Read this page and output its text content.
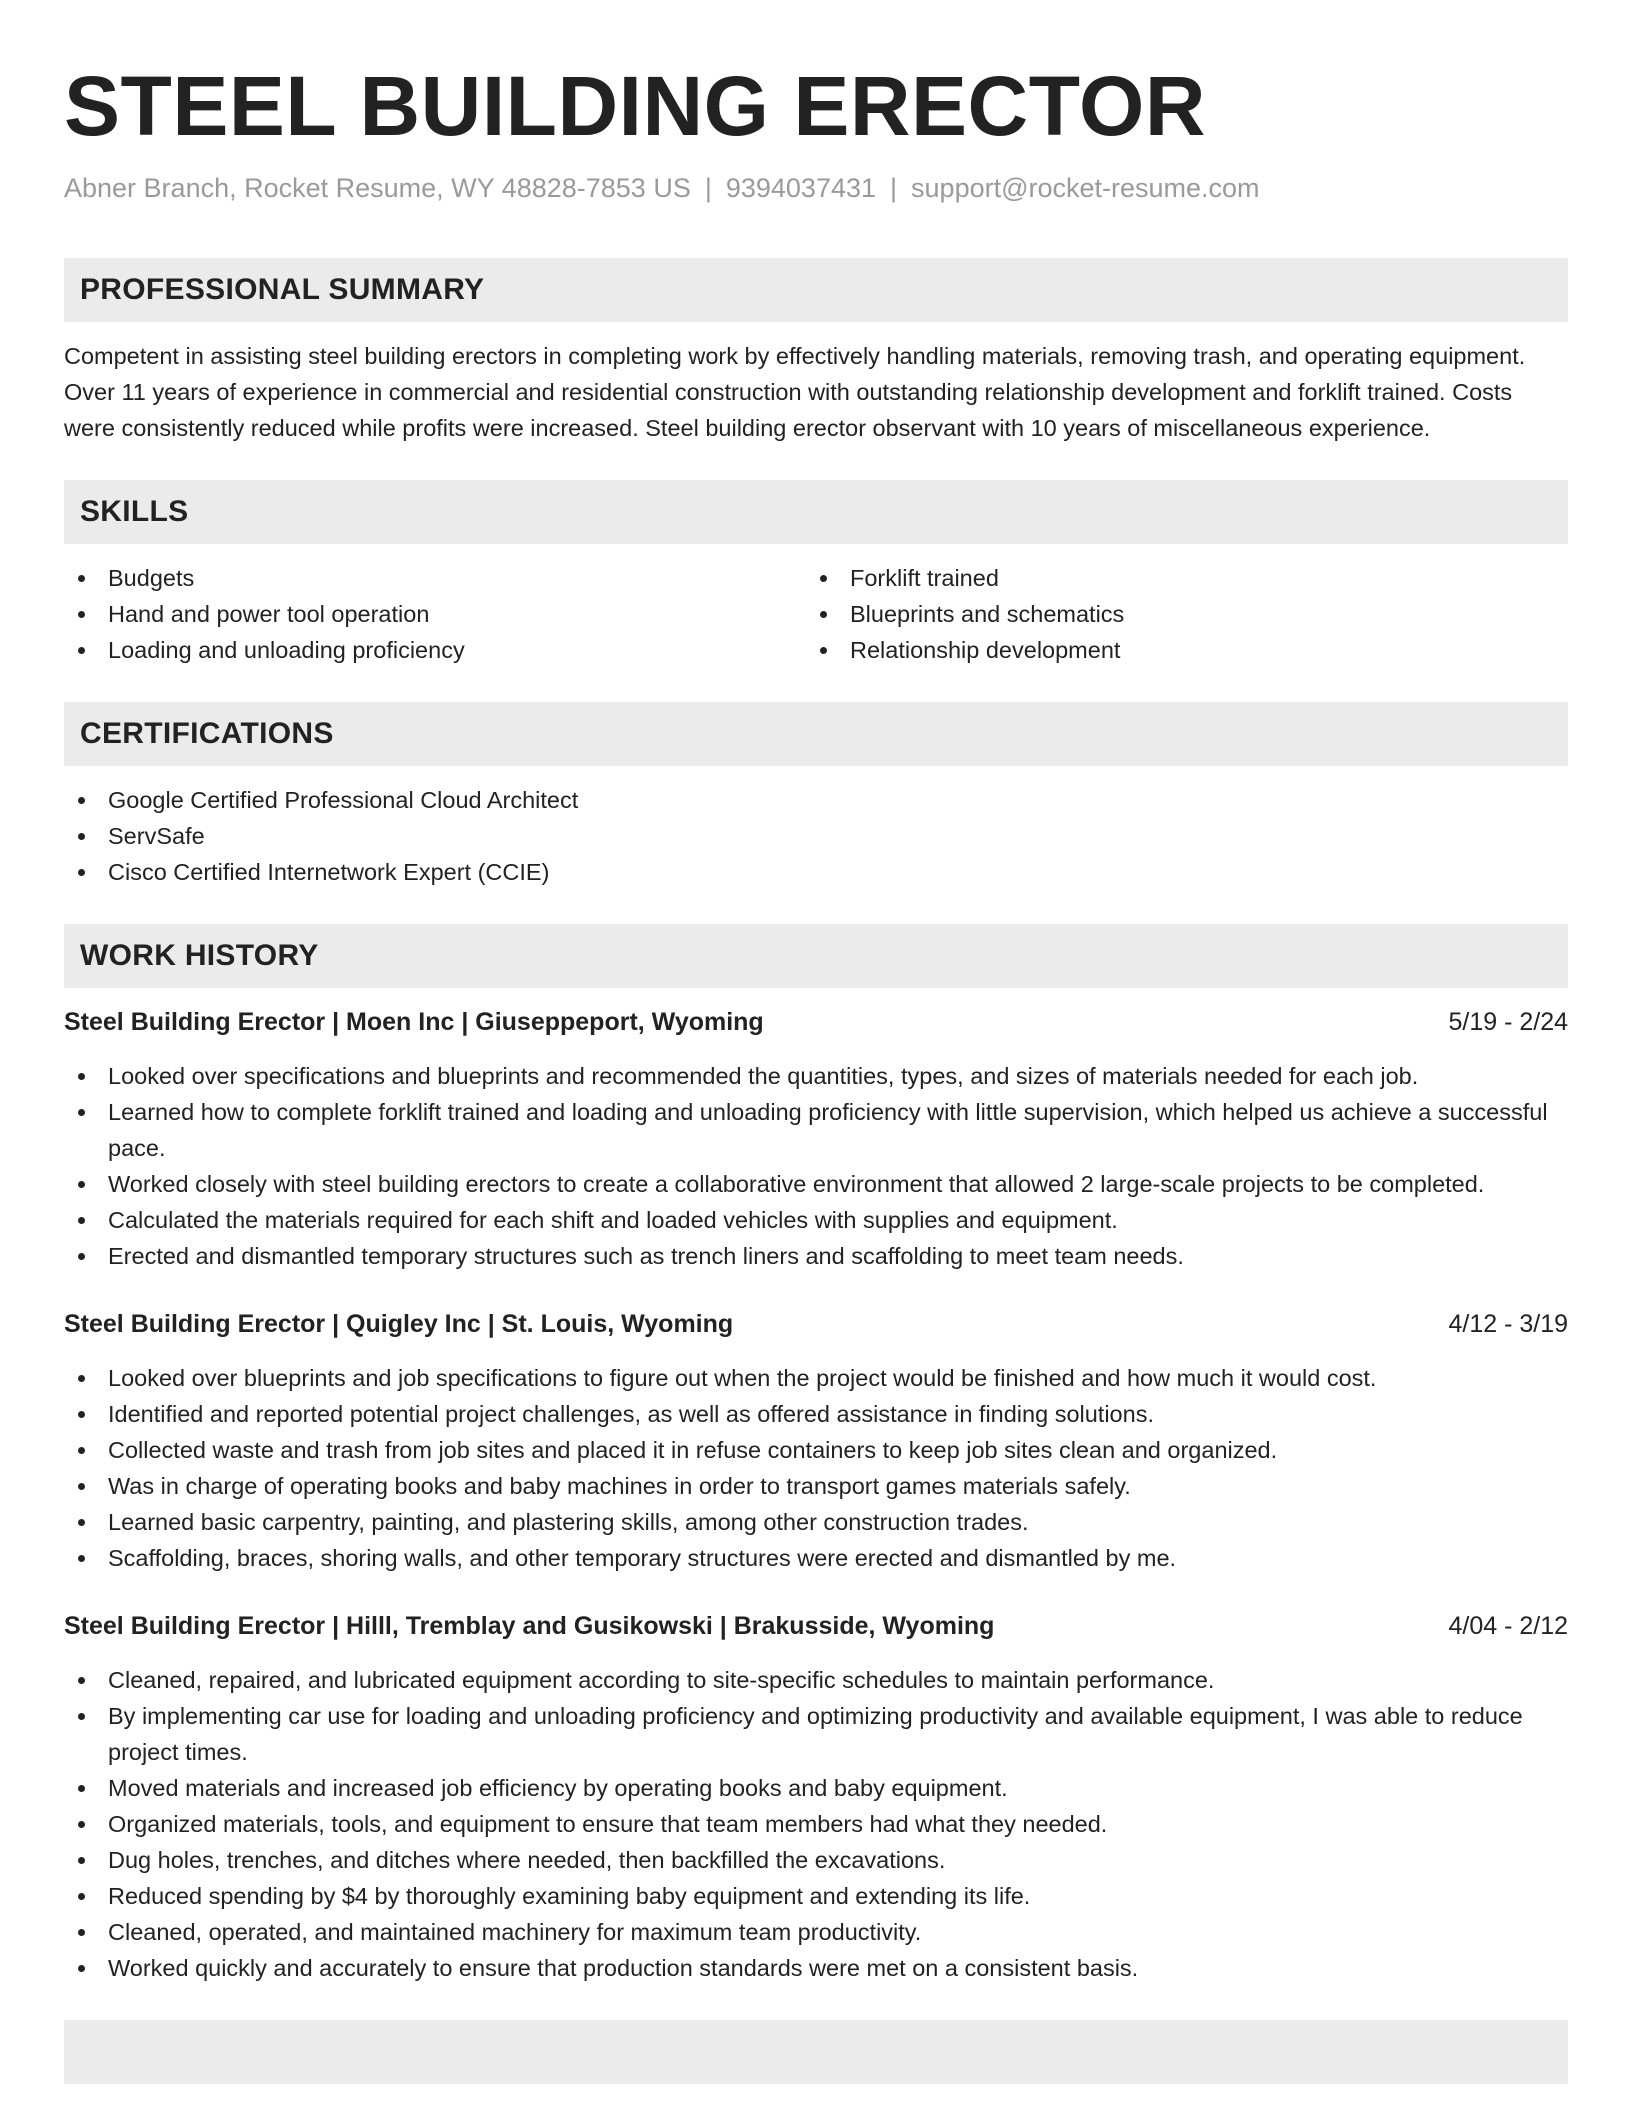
STEEL BUILDING ERECTOR
Abner Branch, Rocket Resume, WY 48828-7853 US | 9394037431 | support@rocket-resume.com
PROFESSIONAL SUMMARY

Competent in assisting steel building erectors in completing work by effectively handling materials, removing trash, and operating equipment. Over 11 years of experience in commercial and residential construction with outstanding relationship development and forklift trained. Costs were consistently reduced while profits were increased. Steel building erector observant with 10 years of miscellaneous experience.

SKILLS
Budgets
Hand and power tool operation
Loading and unloading proficiency
Forklift trained
Blueprints and schematics
Relationship development
CERTIFICATIONS
Google Certified Professional Cloud Architect
ServSafe
Cisco Certified Internetwork Expert (CCIE)
WORK HISTORY
Steel Building Erector | Moen Inc | Giuseppeport, Wyoming	5/19 - 2/24
Looked over specifications and blueprints and recommended the quantities, types, and sizes of materials needed for each job.
Learned how to complete forklift trained and loading and unloading proficiency with little supervision, which helped us achieve a successful pace.
Worked closely with steel building erectors to create a collaborative environment that allowed 2 large-scale projects to be completed.
Calculated the materials required for each shift and loaded vehicles with supplies and equipment.
Erected and dismantled temporary structures such as trench liners and scaffolding to meet team needs.
Steel Building Erector | Quigley Inc | St. Louis, Wyoming	4/12 - 3/19
Looked over blueprints and job specifications to figure out when the project would be finished and how much it would cost.
Identified and reported potential project challenges, as well as offered assistance in finding solutions.
Collected waste and trash from job sites and placed it in refuse containers to keep job sites clean and organized.
Was in charge of operating books and baby machines in order to transport games materials safely.
Learned basic carpentry, painting, and plastering skills, among other construction trades.
Scaffolding, braces, shoring walls, and other temporary structures were erected and dismantled by me.
Steel Building Erector | Hilll, Tremblay and Gusikowski | Brakusside, Wyoming	4/04 - 2/12
Cleaned, repaired, and lubricated equipment according to site-specific schedules to maintain performance.
By implementing car use for loading and unloading proficiency and optimizing productivity and available equipment, I was able to reduce project times.
Moved materials and increased job efficiency by operating books and baby equipment.
Organized materials, tools, and equipment to ensure that team members had what they needed.
Dug holes, trenches, and ditches where needed, then backfilled the excavations.
Reduced spending by $4 by thoroughly examining baby equipment and extending its life.
Cleaned, operated, and maintained machinery for maximum team productivity.
Worked quickly and accurately to ensure that production standards were met on a consistent basis.
